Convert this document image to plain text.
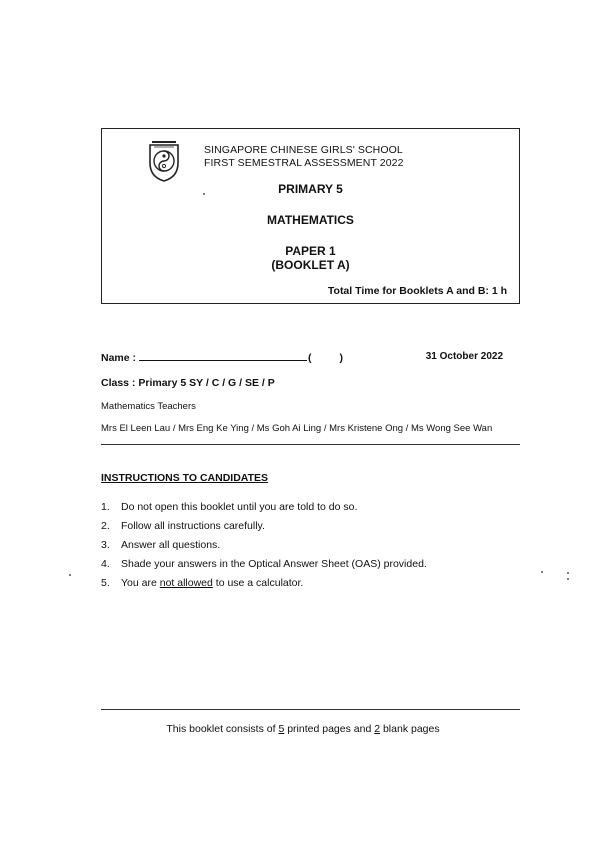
SINGAPORE CHINESE GIRLS' SCHOOL
FIRST SEMESTRAL ASSESSMENT 2022
PRIMARY 5
MATHEMATICS
PAPER 1
(BOOKLET A)
Total Time for Booklets A and B: 1 h
Name :	(	)	31 October 2022
Class : Primary 5 SY / C / G / SE / P
Mathematics Teachers
Mrs El Leen Lau / Mrs Eng Ke Ying / Ms Goh Ai Ling / Mrs Kristene Ong / Ms Wong See Wan
INSTRUCTIONS TO CANDIDATES
1.	Do not open this booklet until you are told to do so.
2.	Follow all instructions carefully.
3.	Answer all questions.
4.	Shade your answers in the Optical Answer Sheet (OAS) provided.
5.	You are not allowed to use a calculator.
This booklet consists of 5 printed pages and 2 blank pages
